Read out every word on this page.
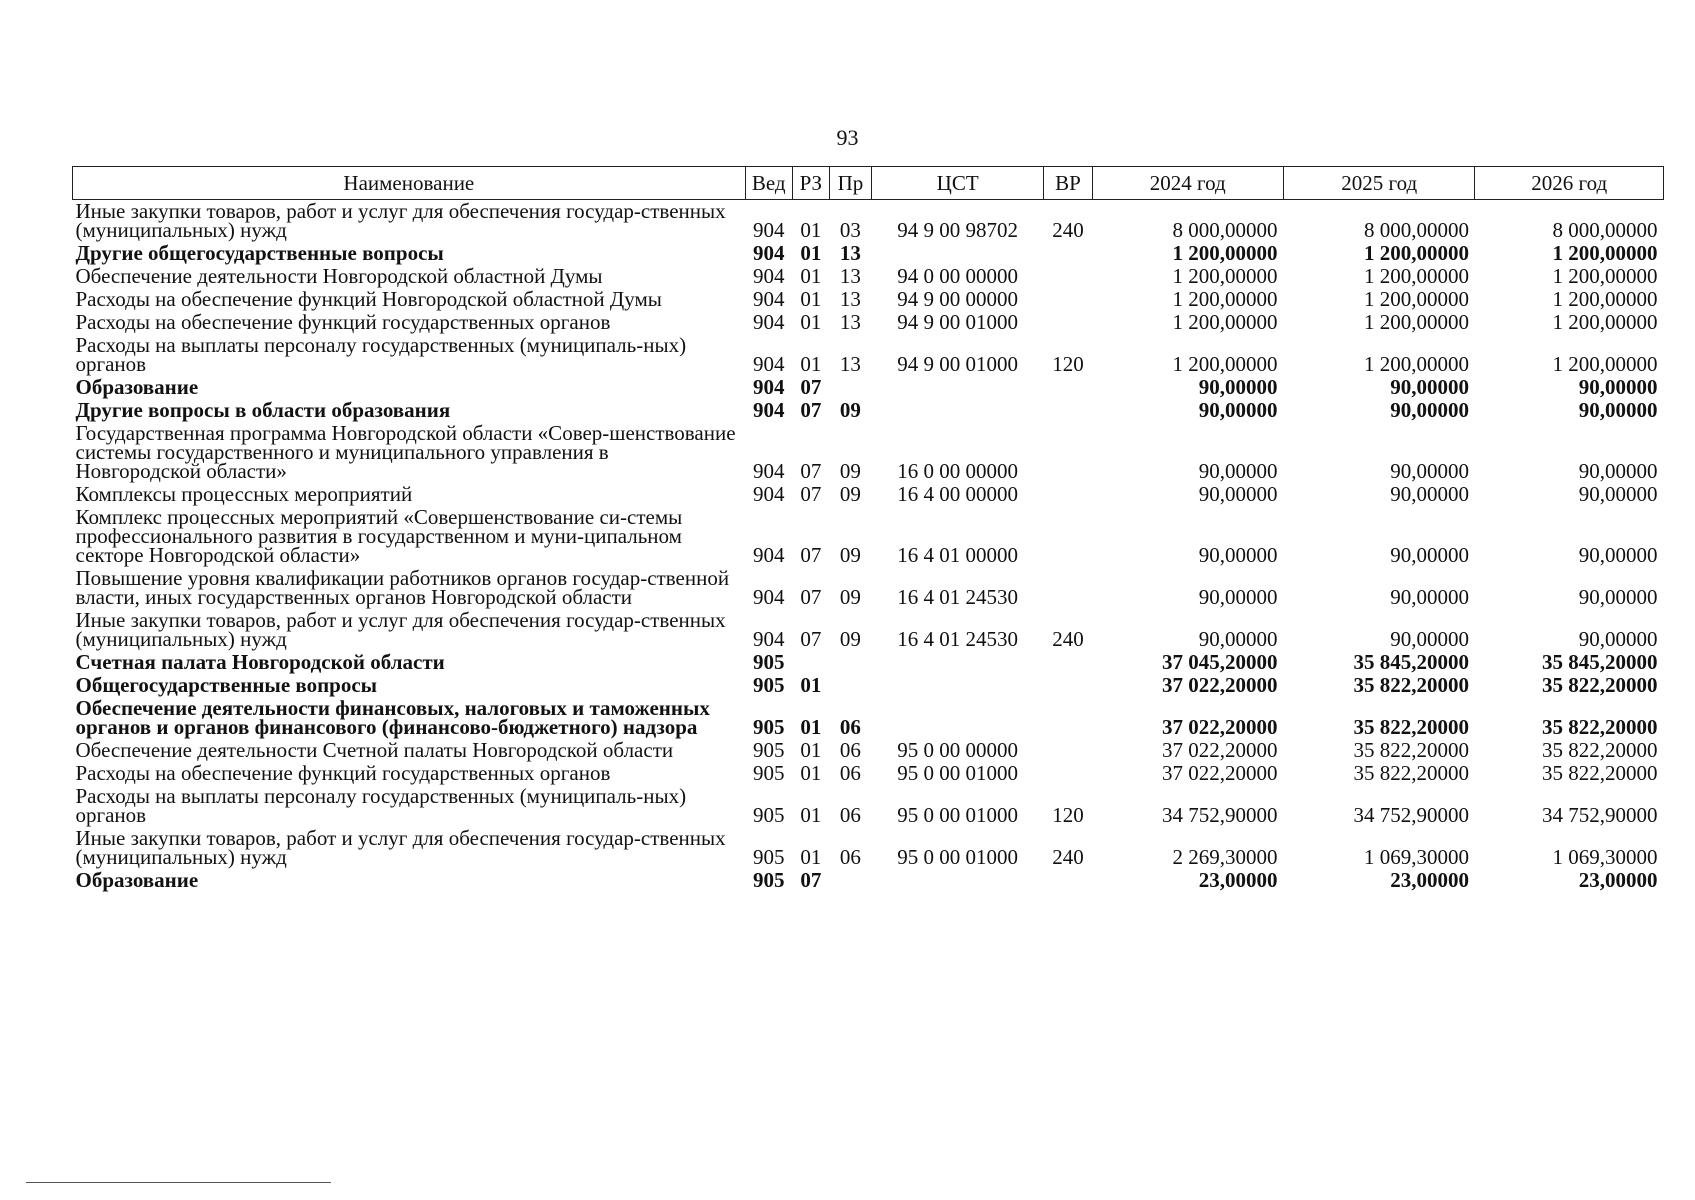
93
Наименование	Вед	РЗ	Пр	ЦСТ	ВР	2024 год	2025 год	2026 год
Иные закупки товаров, работ и услуг для обеспечения государ-ственных (муниципальных) нужд	904	01	03	94 9 00 98702	240	8 000,00000	8 000,00000	8 000,00000
Другие общегосударственные вопросы	904	01	13			1 200,00000	1 200,00000	1 200,00000
Обеспечение деятельности Новгородской областной Думы	904	01	13	94 0 00 00000		1 200,00000	1 200,00000	1 200,00000
Расходы на обеспечение функций Новгородской областной Думы	904	01	13	94 9 00 00000		1 200,00000	1 200,00000	1 200,00000
Расходы на обеспечение функций государственных органов	904	01	13	94 9 00 01000		1 200,00000	1 200,00000	1 200,00000
Расходы на выплаты персоналу государственных (муниципаль-ных) органов	904	01	13	94 9 00 01000	120	1 200,00000	1 200,00000	1 200,00000
Образование	904	07				90,00000	90,00000	90,00000
Другие вопросы в области образования	904	07	09			90,00000	90,00000	90,00000
Государственная программа Новгородской области «Совер-шенствование системы государственного и муниципального управления в Новгородской области»	904	07	09	16 0 00 00000		90,00000	90,00000	90,00000
Комплексы процессных мероприятий	904	07	09	16 4 00 00000		90,00000	90,00000	90,00000
Комплекс процессных мероприятий «Совершенствование си-стемы профессионального развития в государственном и муни-ципальном секторе Новгородской области»	904	07	09	16 4 01 00000		90,00000	90,00000	90,00000
Повышение уровня квалификации работников органов государ-ственной власти, иных государственных органов Новгородской области	904	07	09	16 4 01 24530		90,00000	90,00000	90,00000
Иные закупки товаров, работ и услуг для обеспечения государ-ственных (муниципальных) нужд	904	07	09	16 4 01 24530	240	90,00000	90,00000	90,00000
Счетная палата Новгородской области	905					37 045,20000	35 845,20000	35 845,20000
Общегосударственные вопросы	905	01				37 022,20000	35 822,20000	35 822,20000
Обеспечение деятельности финансовых, налоговых и таможенных органов и органов финансового (финансово-бюджетного) надзора	905	01	06			37 022,20000	35 822,20000	35 822,20000
Обеспечение деятельности Счетной палаты Новгородской области	905	01	06	95 0 00 00000		37 022,20000	35 822,20000	35 822,20000
Расходы на обеспечение функций государственных органов	905	01	06	95 0 00 01000		37 022,20000	35 822,20000	35 822,20000
Расходы на выплаты персоналу государственных (муниципаль-ных) органов	905	01	06	95 0 00 01000	120	34 752,90000	34 752,90000	34 752,90000
Иные закупки товаров, работ и услуг для обеспечения государ-ственных (муниципальных) нужд	905	01	06	95 0 00 01000	240	2 269,30000	1 069,30000	1 069,30000
Образование	905	07				23,00000	23,00000	23,00000
